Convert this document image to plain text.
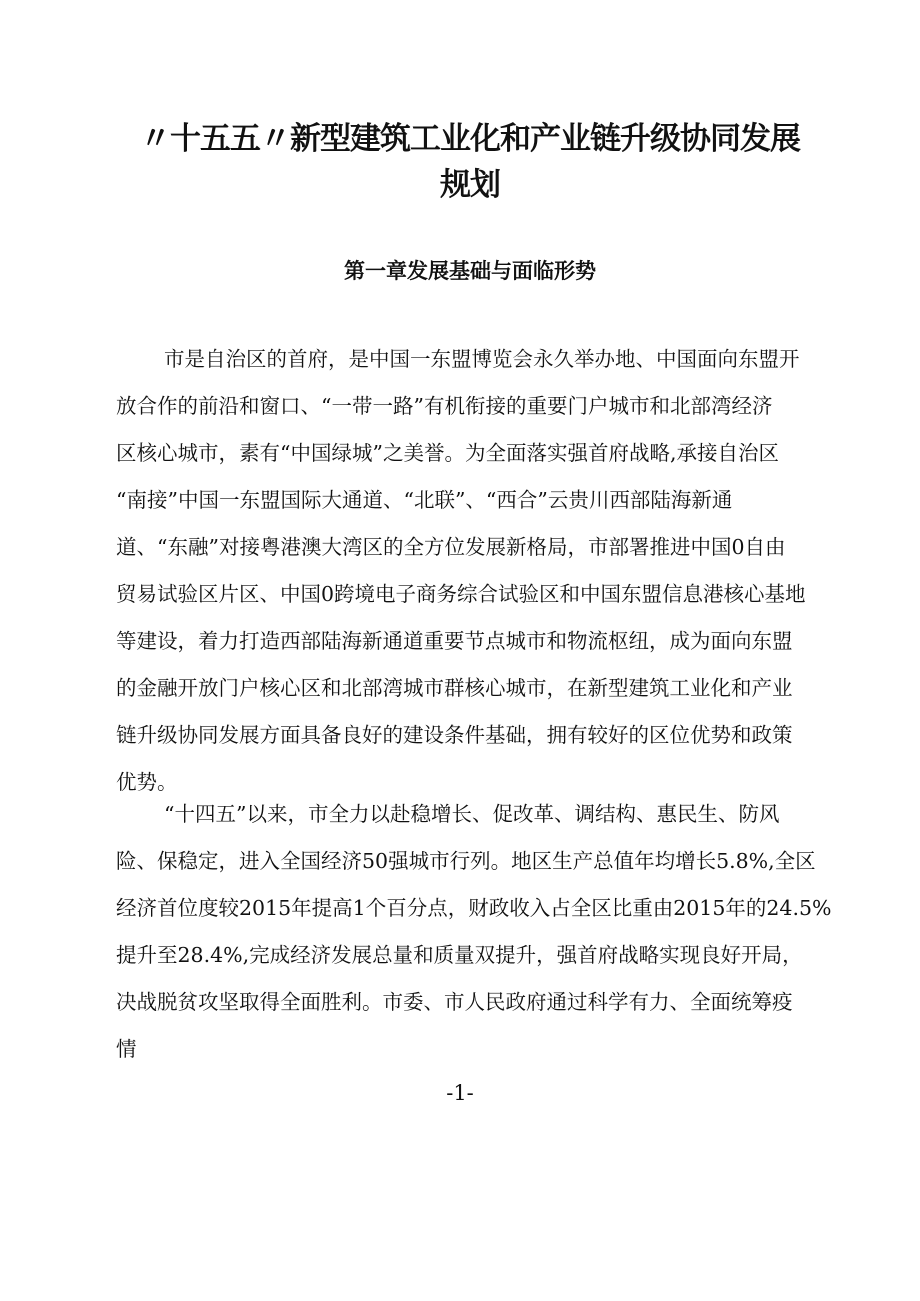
〃十五五〃新型建筑工业化和产业链升级协同发展
规划
第一章发展基础与面临形势

市是自治区的首府，是中国一东盟博览会永久举办地、中国面向东盟开
放合作的前沿和窗口、“一带一路”有机衔接的重要门户城市和北部湾经济
区核心城市，素有“中国绿城”之美誉。为全面落实强首府战略,承接自治区
“南接”中国一东盟国际大通道、“北联”、“西合”云贵川西部陆海新通
道、“东融”对接粤港澳大湾区的全方位发展新格局，市部署推进中国0自由
贸易试验区片区、中国0跨境电子商务综合试验区和中国东盟信息港核心基地
等建设，着力打造西部陆海新通道重要节点城市和物流枢纽，成为面向东盟
的金融开放门户核心区和北部湾城市群核心城市，在新型建筑工业化和产业
链升级协同发展方面具备良好的建设条件基础，拥有较好的区位优势和政策
优势。

“十四五”以来，市全力以赴稳增长、促改革、调结构、惠民生、防风
险、保稳定，进入全国经济50强城市行列。地区生产总值年均增长5.8%,全区
经济首位度较2015年提高1个百分点，财政收入占全区比重由2015年的24.5%
提升至28.4%,完成经济发展总量和质量双提升，强首府战略实现良好开局，
决战脱贫攻坚取得全面胜利。市委、市人民政府通过科学有力、全面统筹疫
情

-1-
